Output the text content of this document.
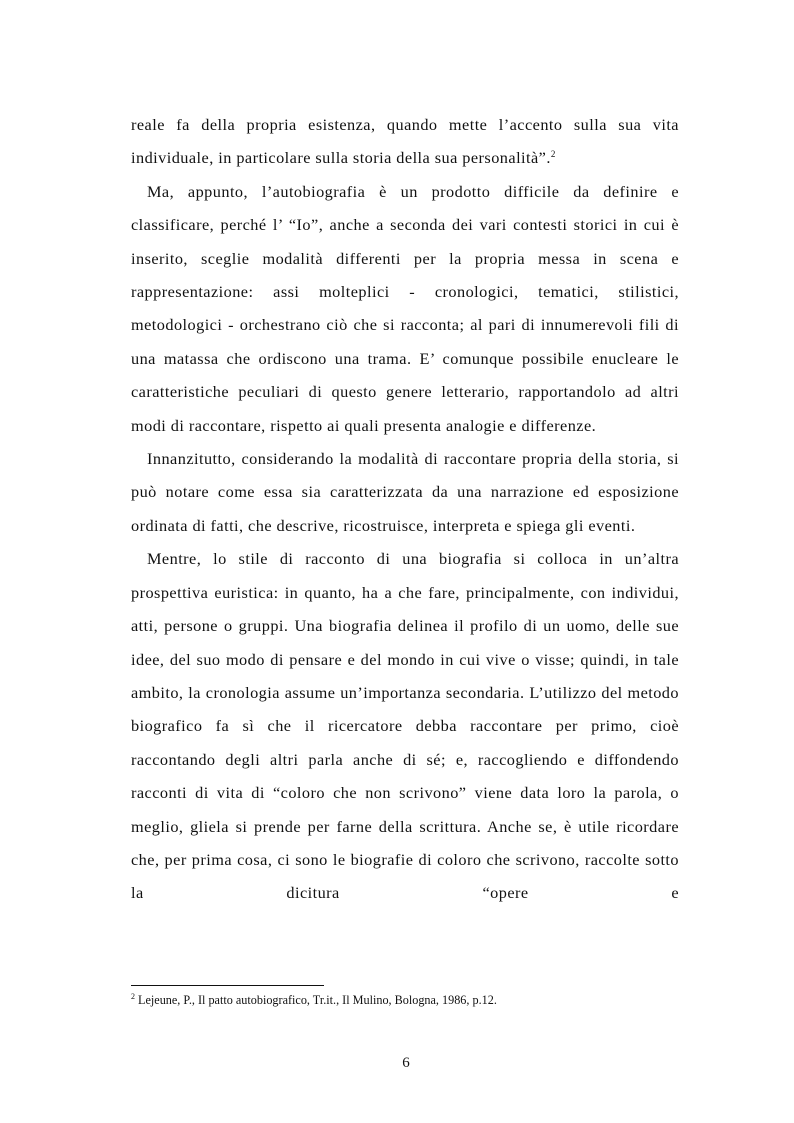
reale fa della propria esistenza, quando mette l’accento sulla sua vita individuale, in particolare sulla storia della sua personalità”.$^2$

Ma, appunto, l’autobiografia è un prodotto difficile da definire e classificare, perché l’ “Io”, anche a seconda dei vari contesti storici in cui è inserito, sceglie modalità differenti per la propria messa in scena e rappresentazione: assi molteplici - cronologici, tematici, stilistici, metodologici - orchestrano ciò che si racconta; al pari di innumerevoli fili di una matassa che ordiscono una trama. E’ comunque possibile enucleare le caratteristiche peculiari di questo genere letterario, rapportandolo ad altri modi di raccontare, rispetto ai quali presenta analogie e differenze.

Innanzitutto, considerando la modalità di raccontare propria della storia, si può notare come essa sia caratterizzata da una narrazione ed esposizione ordinata di fatti, che descrive, ricostruisce, interpreta e spiega gli eventi.

Mentre, lo stile di racconto di una biografia si colloca in un’altra prospettiva euristica: in quanto, ha a che fare, principalmente, con individui, atti, persone o gruppi. Una biografia delinea il profilo di un uomo, delle sue idee, del suo modo di pensare e del mondo in cui vive o visse; quindi, in tale ambito, la cronologia assume un’importanza secondaria. L’utilizzo del metodo biografico fa sì che il ricercatore debba raccontare per primo, cioè raccontando degli altri parla anche di sé; e, raccogliendo e diffondendo racconti di vita di “coloro che non scrivono” viene data loro la parola, o meglio, gliela si prende per farne della scrittura. Anche se, è utile ricordare che, per prima cosa, ci sono le biografie di coloro che scrivono, raccolte sotto la dicitura “opere e

$^2$ Lejeune, P., Il patto autobiografico, Tr.it., Il Mulino, Bologna, 1986, p.12.
6
